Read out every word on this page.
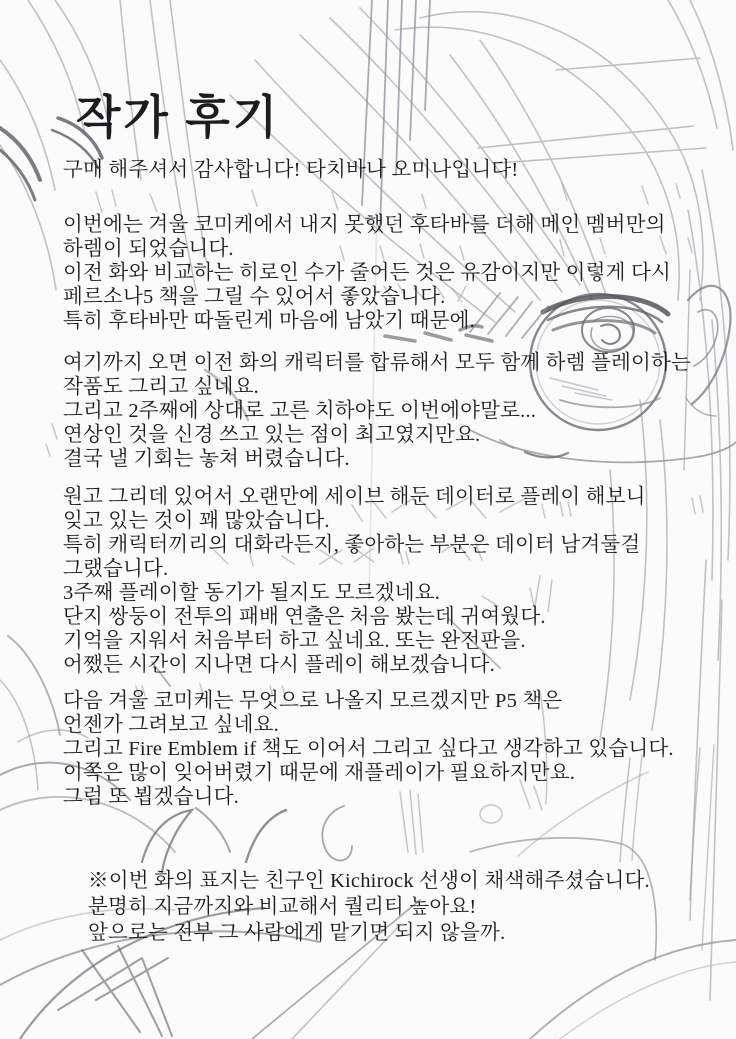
작가 후기
구매 해주셔서 감사합니다! 타치바나 오미나입니다!
이번에는 겨울 코미케에서 내지 못했던 후타바를 더해 메인 멤버만의
하렘이 되었습니다.
이전 화와 비교하는 히로인 수가 줄어든 것은 유감이지만 이렇게 다시
페르소나5 책을 그릴 수 있어서 좋았습니다.
특히 후타바만 따돌린게 마음에 남았기 때문에.
여기까지 오면 이전 화의 캐릭터를 합류해서 모두 함께 하렘 플레이하는
작품도 그리고 싶네요.
그리고 2주째에 상대로 고른 치하야도 이번에야말로...
연상인 것을 신경 쓰고 있는 점이 최고였지만요.
결국 낼 기회는 놓쳐 버렸습니다.
원고 그리데 있어서 오랜만에 세이브 해둔 데이터로 플레이 해보니
잊고 있는 것이 꽤 많았습니다.
특히 캐릭터끼리의 대화라든지, 좋아하는 부분은 데이터 남겨둘걸
그랬습니다.
3주째 플레이할 동기가 될지도 모르겠네요.
단지 쌍둥이 전투의 패배 연출은 처음 봤는데 귀여웠다.
기억을 지워서 처음부터 하고 싶네요. 또는 완전판을.
어쨌든 시간이 지나면 다시 플레이 해보겠습니다.
다음 겨울 코미케는 무엇으로 나올지 모르겠지만 P5 책은
언젠가 그려보고 싶네요.
그리고 Fire Emblem if 책도 이어서 그리고 싶다고 생각하고 있습니다.
이쪽은 많이 잊어버렸기 때문에 재플레이가 필요하지만요.
그럼 또 뵙겠습니다.
※이번 화의 표지는 친구인 Kichirock 선생이 채색해주셨습니다.
분명히 지금까지와 비교해서 퀄리티 높아요!
앞으로는 전부 그 사람에게 맡기면 되지 않을까.
